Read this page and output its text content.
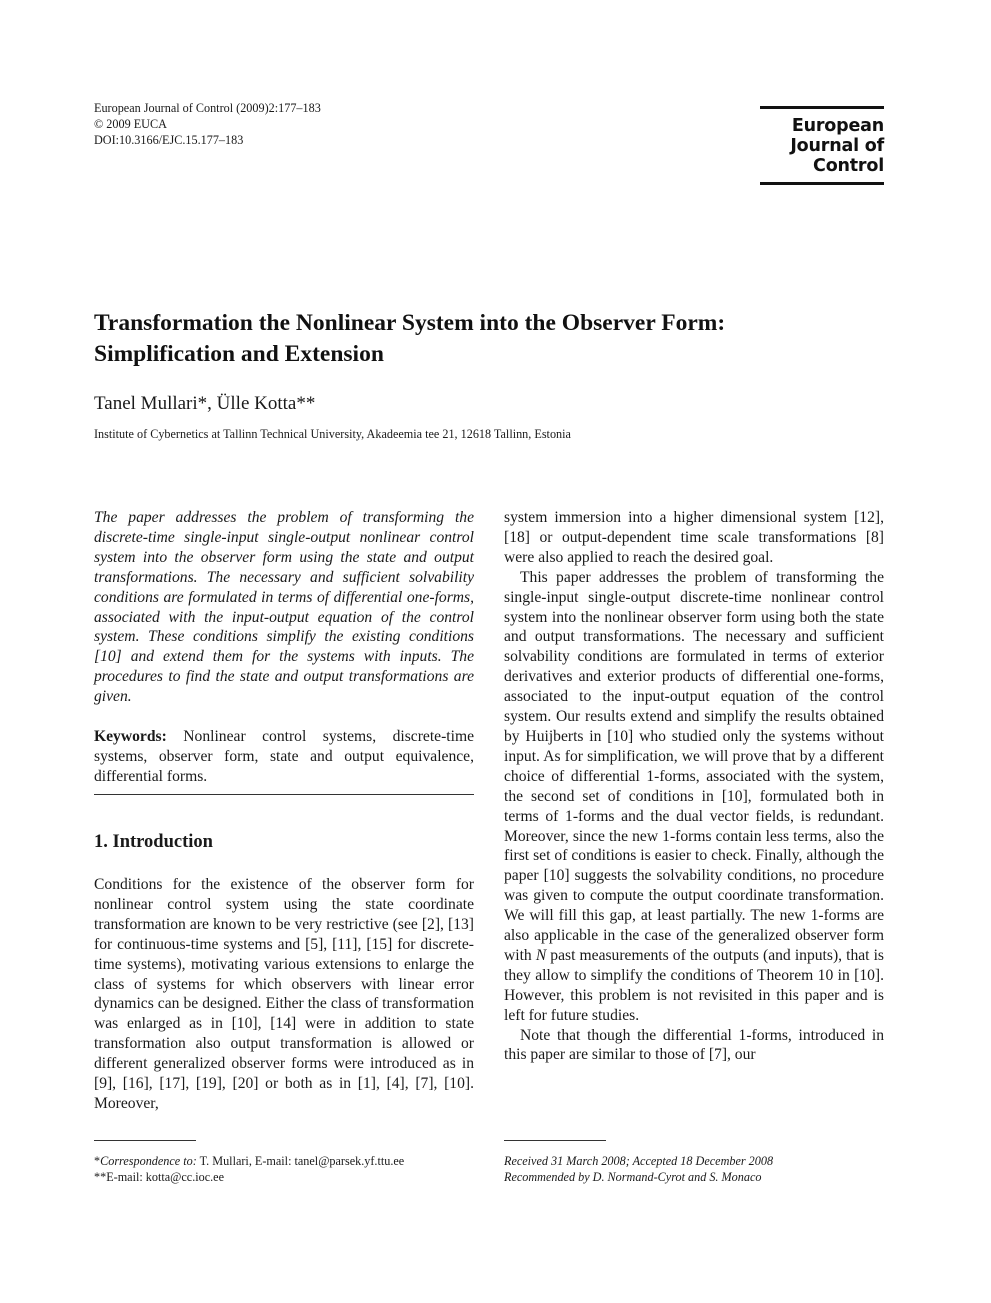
European Journal of Control (2009)2:177–183
© 2009 EUCA
DOI:10.3166/EJC.15.177–183
European
Journal of
Control
Transformation the Nonlinear System into the Observer Form:
Simplification and Extension
Tanel Mullari*, Ülle Kotta**
Institute of Cybernetics at Tallinn Technical University, Akadeemia tee 21, 12618 Tallinn, Estonia
The paper addresses the problem of transforming the discrete-time single-input single-output nonlinear control system into the observer form using the state and output transformations. The necessary and sufficient solvability conditions are formulated in terms of differential one-forms, associated with the input-output equation of the control system. These conditions simplify the existing conditions [10] and extend them for the systems with inputs. The procedures to find the state and output transformations are given.
Keywords: Nonlinear control systems, discrete-time systems, observer form, state and output equivalence, differential forms.
1. Introduction
Conditions for the existence of the observer form for nonlinear control system using the state coordinate transformation are known to be very restrictive (see [2], [13] for continuous-time systems and [5], [11], [15] for discrete-time systems), motivating various extensions to enlarge the class of systems for which observers with linear error dynamics can be designed. Either the class of transformation was enlarged as in [10], [14] were in addition to state transformation also output transformation is allowed or different generalized observer forms were introduced as in [9], [16], [17], [19], [20] or both as in [1], [4], [7], [10]. Moreover,

system immersion into a higher dimensional system [12], [18] or output-dependent time scale transformations [8] were also applied to reach the desired goal.

This paper addresses the problem of transforming the single-input single-output discrete-time nonlinear control system into the nonlinear observer form using both the state and output transformations. The necessary and sufficient solvability conditions are formulated in terms of exterior derivatives and exterior products of differential one-forms, associated to the input-output equation of the control system. Our results extend and simplify the results obtained by Huijberts in [10] who studied only the systems without input. As for simplification, we will prove that by a different choice of differential 1-forms, associated with the system, the second set of conditions in [10], formulated both in terms of 1-forms and the dual vector fields, is redundant. Moreover, since the new 1-forms contain less terms, also the first set of conditions is easier to check. Finally, although the paper [10] suggests the solvability conditions, no procedure was given to compute the output coordinate transformation. We will fill this gap, at least partially. The new 1-forms are also applicable in the case of the generalized observer form with N past measurements of the outputs (and inputs), that is they allow to simplify the conditions of Theorem 10 in [10]. However, this problem is not revisited in this paper and is left for future studies.

Note that though the differential 1-forms, introduced in this paper are similar to those of [7], our

*Correspondence to: T. Mullari, E-mail: tanel@parsek.yf.ttu.ee
**E-mail: kotta@cc.ioc.ee
Received 31 March 2008; Accepted 18 December 2008
Recommended by D. Normand-Cyrot and S. Monaco
